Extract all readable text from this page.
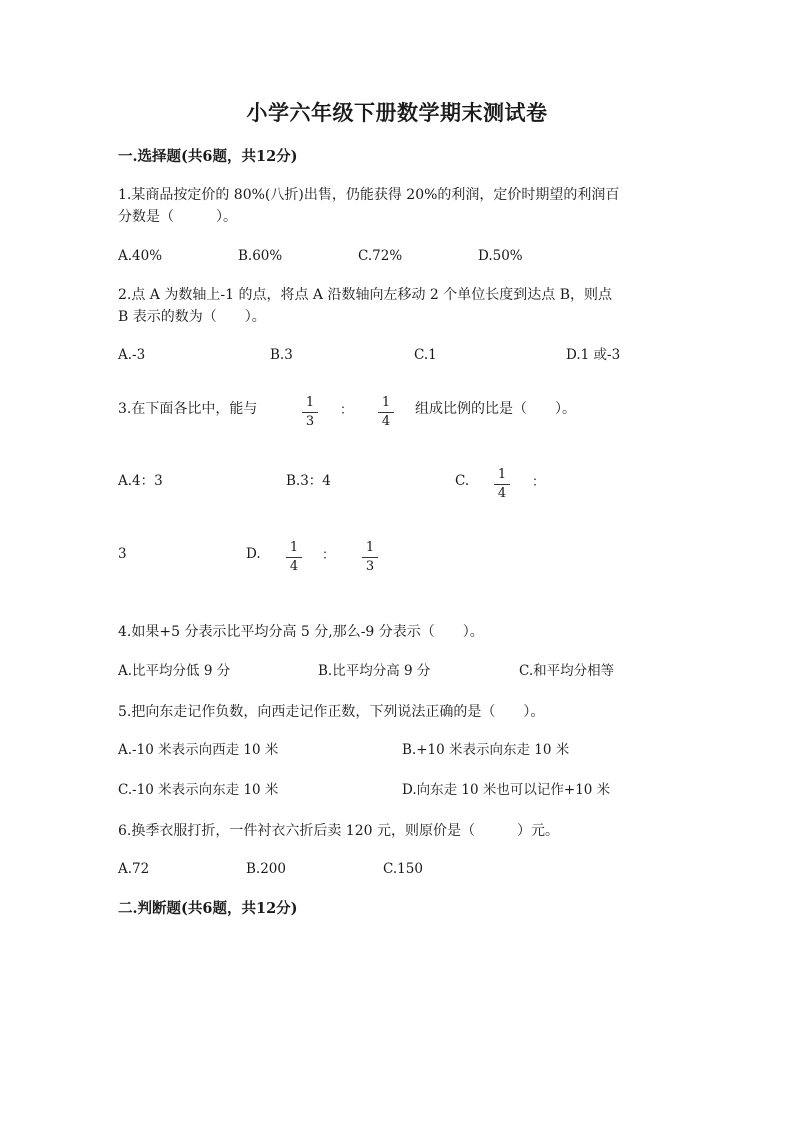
小学六年级下册数学期末测试卷
一.选择题(共6题，共12分)
1.某商品按定价的 80%(八折)出售，仍能获得 20%的利润，定价时期望的利润百
分数是（　　　）。
A.40%	B.60%	C.72%	D.50%
2.点 A 为数轴上-1 的点，将点 A 沿数轴向左移动 2 个单位长度到达点 B，则点
B 表示的数为（　　）。
A.-3	B.3	C.1	D.1 或-3
3.在下面各比中，能与	1
3
：
1
4
组成比例的比是（　　）。
A.4：3	B.3：4	C. 1
4
：
3	D. 1
4
：
1
3
4.如果+5 分表示比平均分高 5 分,那么-9 分表示（　　）。
A.比平均分低 9 分	B.比平均分高 9 分	C.和平均分相等
5.把向东走记作负数，向西走记作正数，下列说法正确的是（　　）。
A.-10 米表示向西走 10 米	B.+10 米表示向东走 10 米
C.-10 米表示向东走 10 米	D.向东走 10 米也可以记作+10 米
6.换季衣服打折，一件衬衣六折后卖 120 元，则原价是（　　　）元。
A.72	B.200	C.150
二.判断题(共6题，共12分)
